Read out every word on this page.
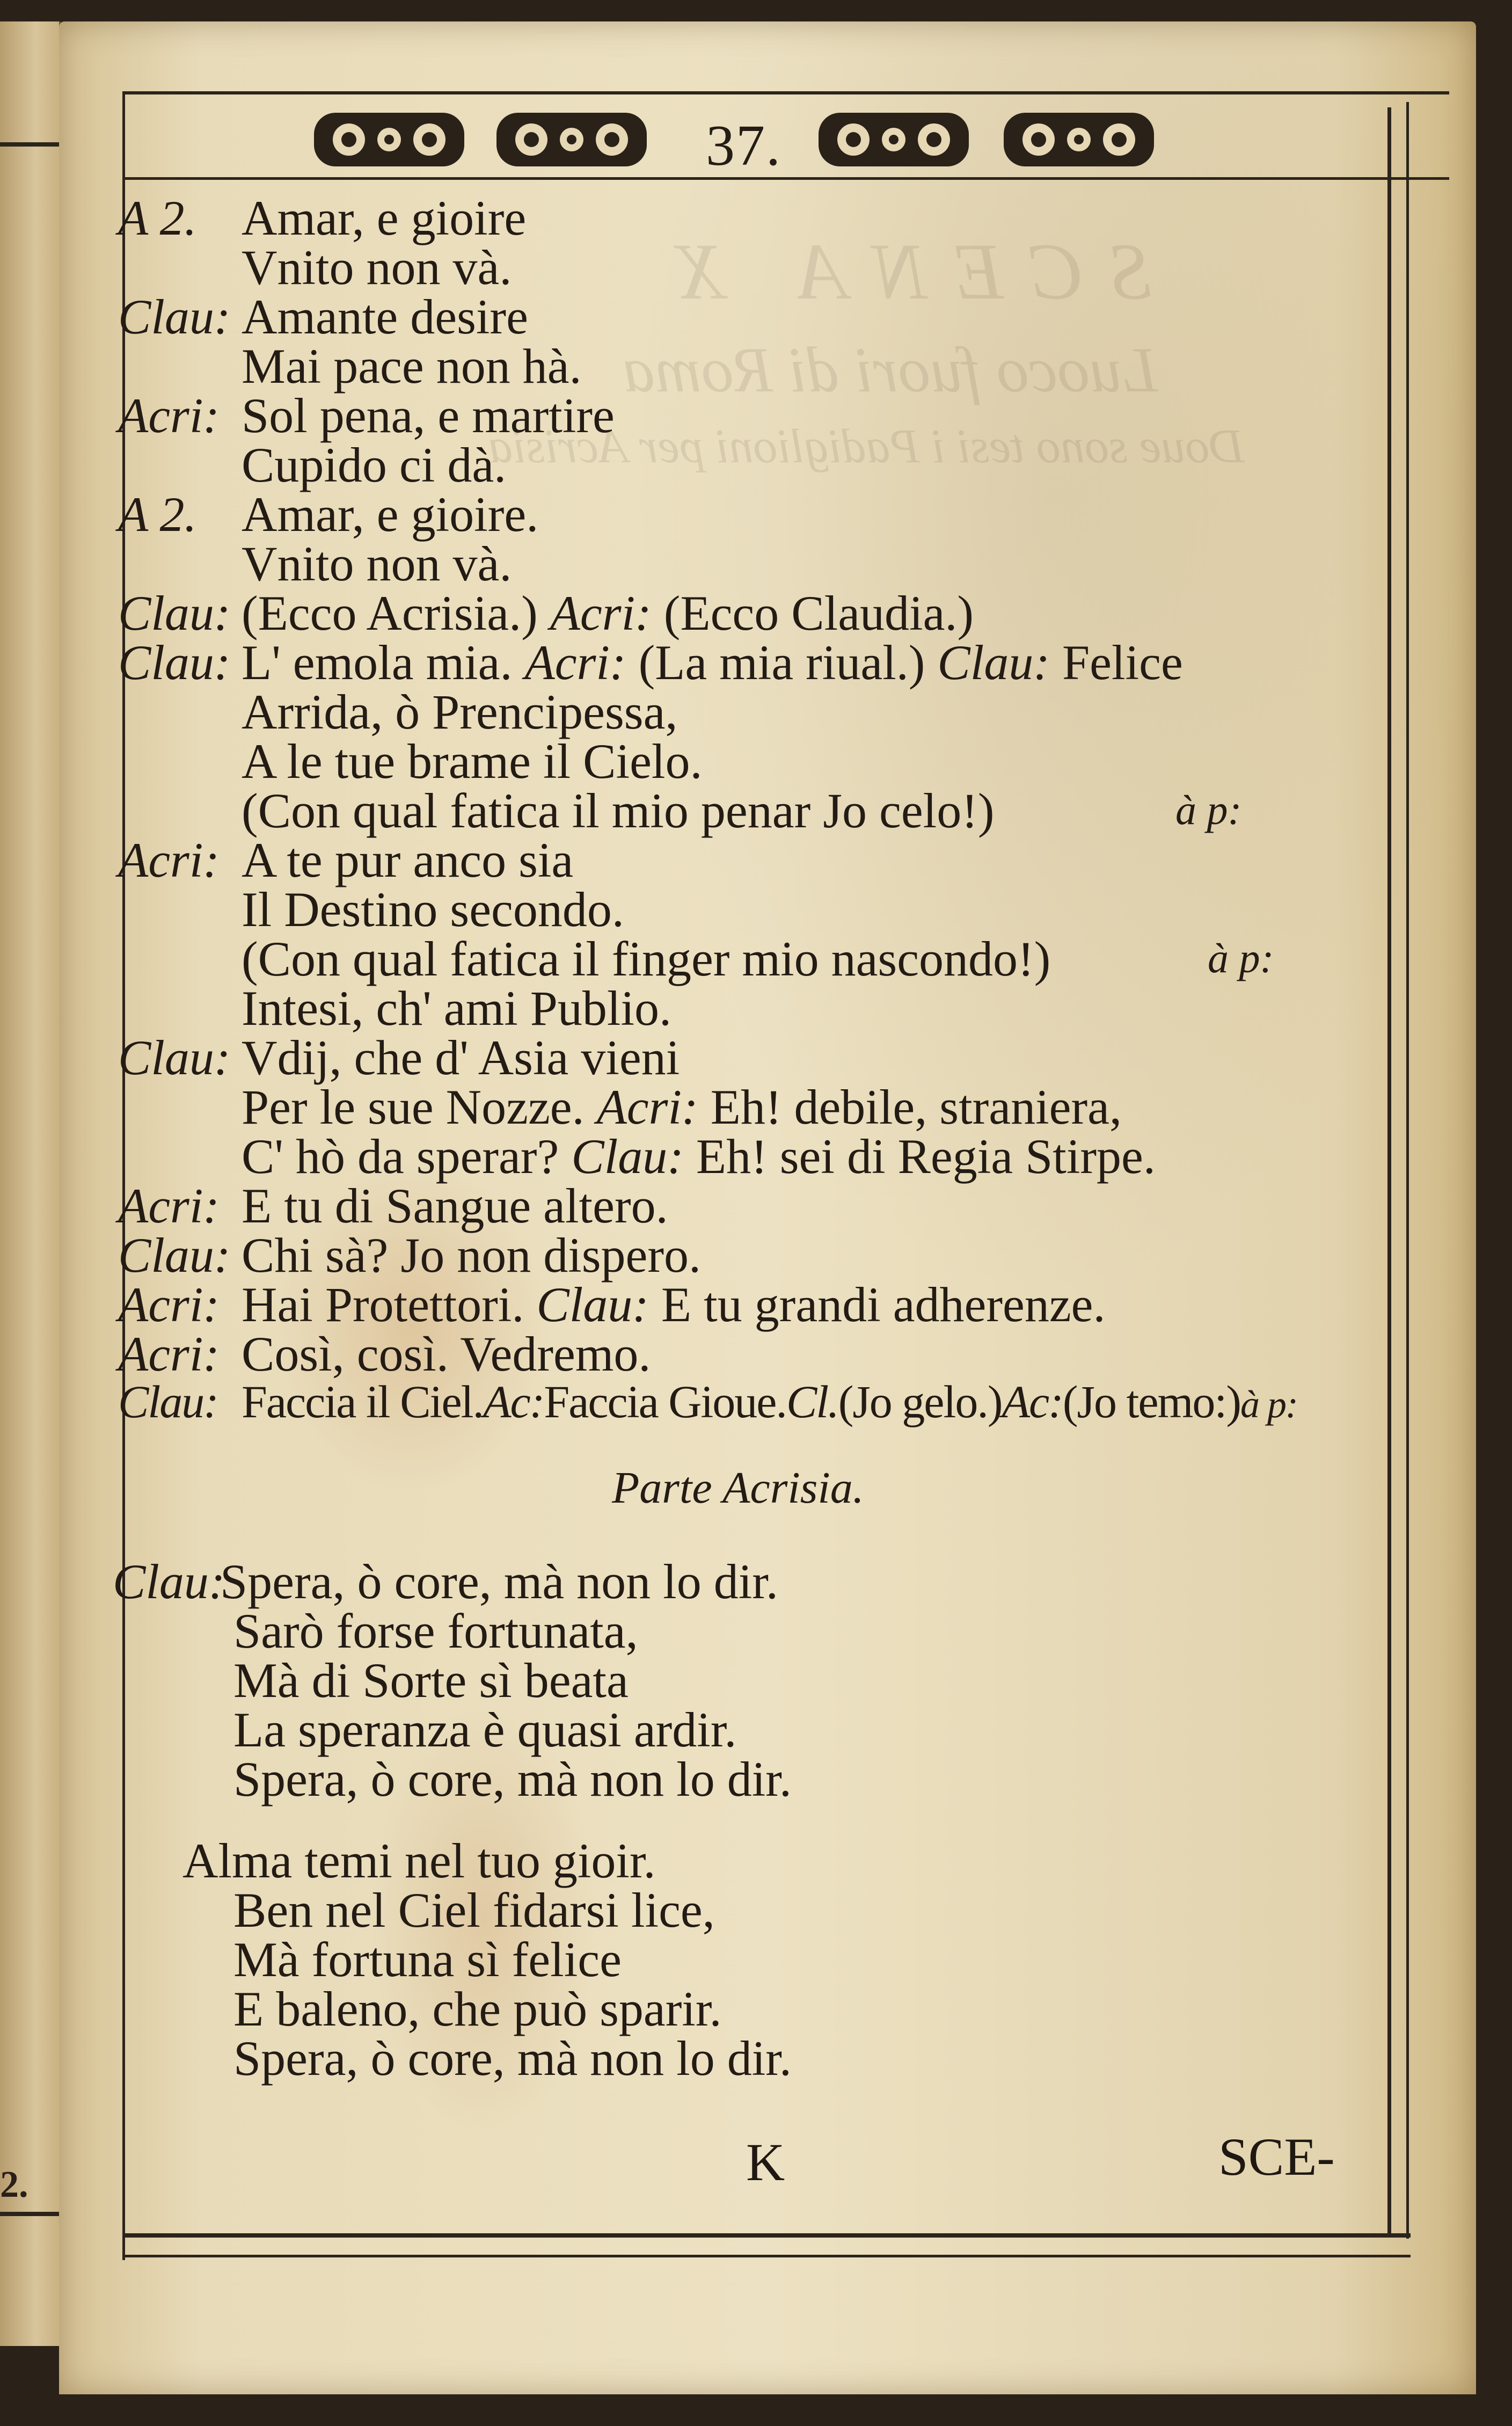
2.
SCENA X
Luoco fuori di Roma
Doue sono tesi i Padiglioni per Acrisia
37.
A 2. Amar, e gioire
Vnito non và.
Clau: Amante desire
Mai pace non hà.
Acri: Sol pena, e martire
Cupido ci dà.
A 2. Amar, e gioire.
Vnito non và.
Clau: (Ecco Acrisia.) Acri: (Ecco Claudia.)
Clau: L' emola mia. Acri: (La mia riual.) Clau: Felice
Arrida, ò Prencipessa,
A le tue brame il Cielo.
(Con qual fatica il mio penar Jo celo!)	à p:
Acri: A te pur anco sia
Il Destino secondo.
(Con qual fatica il finger mio nascondo!)	à p:
Intesi, ch' ami Publio.
Clau: Vdij, che d' Asia vieni
Per le sue Nozze. Acri: Eh! debile, straniera,
C' hò da sperar? Clau: Eh! sei di Regia Stirpe.
Acri: E tu di Sangue altero.
Clau: Chi sà? Jo non dispero.
Acri: Hai Protettori. Clau: E tu grandi adherenze.
Acri: Così, così. Vedremo.
Clau: Faccia il Ciel.Ac:Faccia Gioue.Cl.(Jo gelo.)Ac:(Jo temo:)à p:
Parte Acrisia.
Clau:
Spera, ò core, mà non lo dir.
Sarò forse fortunata,
Mà di Sorte sì beata
La speranza è quasi ardir.
Spera, ò core, mà non lo dir.
Alma temi nel tuo gioir.
Ben nel Ciel fidarsi lice,
Mà fortuna sì felice
E baleno, che può sparir.
Spera, ò core, mà non lo dir.
K	SCE-
